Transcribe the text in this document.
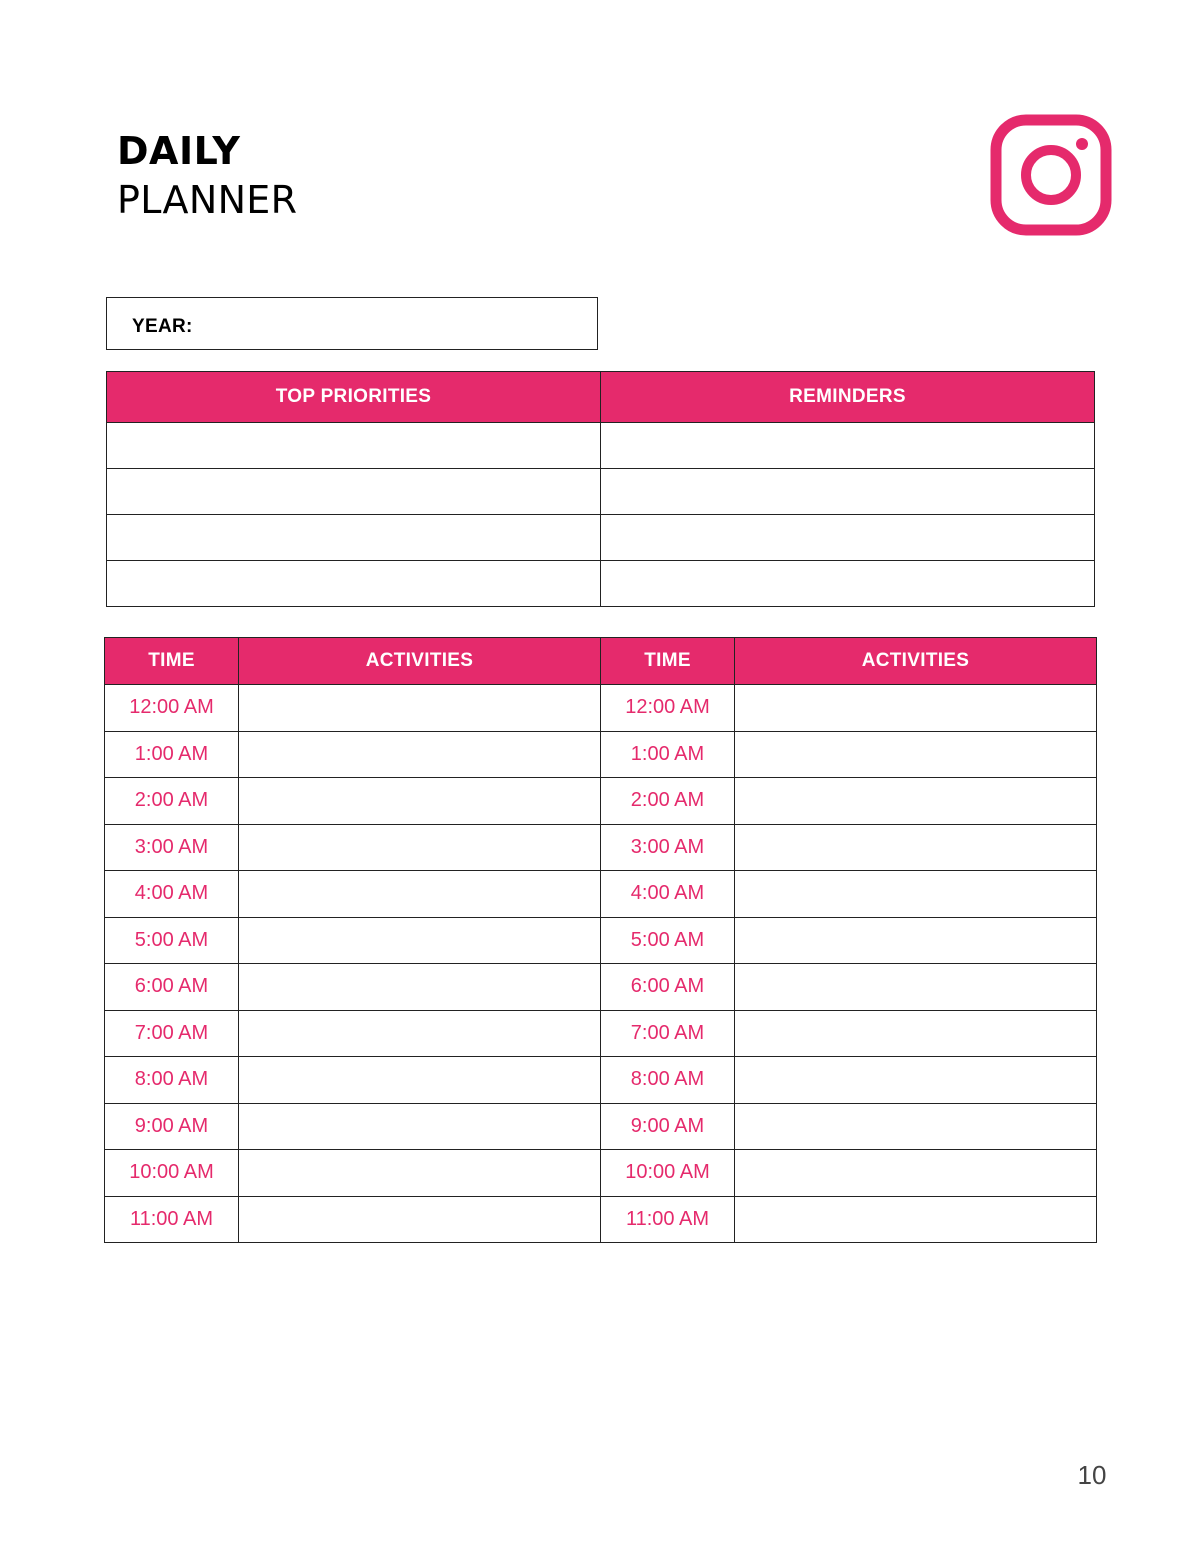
DAILY
PLANNER
YEAR:
TOP PRIORITIES	REMINDERS

TIME	ACTIVITIES	TIME	ACTIVITIES
12:00 AM		12:00 AM	
1:00 AM		1:00 AM	
2:00 AM		2:00 AM	
3:00 AM		3:00 AM	
4:00 AM		4:00 AM	
5:00 AM		5:00 AM	
6:00 AM		6:00 AM	
7:00 AM		7:00 AM	
8:00 AM		8:00 AM	
9:00 AM		9:00 AM	
10:00 AM		10:00 AM	
11:00 AM		11:00 AM	
10
